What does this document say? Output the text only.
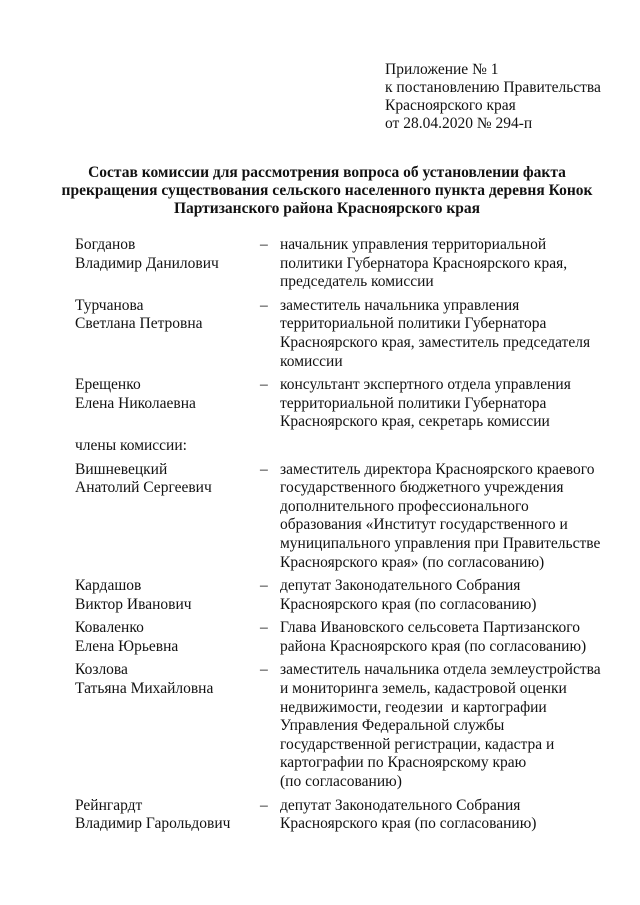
Приложение № 1
к постановлению Правительства
Красноярского края
от 28.04.2020 № 294-п
Состав комиссии для рассмотрения вопроса об установлении факта
прекращения существования сельского населенного пункта деревня Конок
Партизанского района Красноярского края
Богданов
Владимир Данилович
– начальник управления территориальной
политики Губернатора Красноярского края,
председатель комиссии
Турчанова
Светлана Петровна
– заместитель начальника управления
территориальной политики Губернатора
Красноярского края, заместитель председателя
комиссии
Ерещенко
Елена Николаевна
– консультант экспертного отдела управления
территориальной политики Губернатора
Красноярского края, секретарь комиссии
члены комиссии:
Вишневецкий
Анатолий Сергеевич
– заместитель директора Красноярского краевого
государственного бюджетного учреждения
дополнительного профессионального
образования «Институт государственного и
муниципального управления при Правительстве
Красноярского края» (по согласованию)
Кардашов
Виктор Иванович
– депутат Законодательного Собрания
Красноярского края (по согласованию)
Коваленко
Елена Юрьевна
– Глава Ивановского сельсовета Партизанского
района Красноярского края (по согласованию)
Козлова
Татьяна Михайловна
– заместитель начальника отдела землеустройства
и мониторинга земель, кадастровой оценки
недвижимости, геодезии  и картографии
Управления Федеральной службы
государственной регистрации, кадастра и
картографии по Красноярскому краю
(по согласованию)
Рейнгардт
Владимир Гарольдович
– депутат Законодательного Собрания
Красноярского края (по согласованию)
